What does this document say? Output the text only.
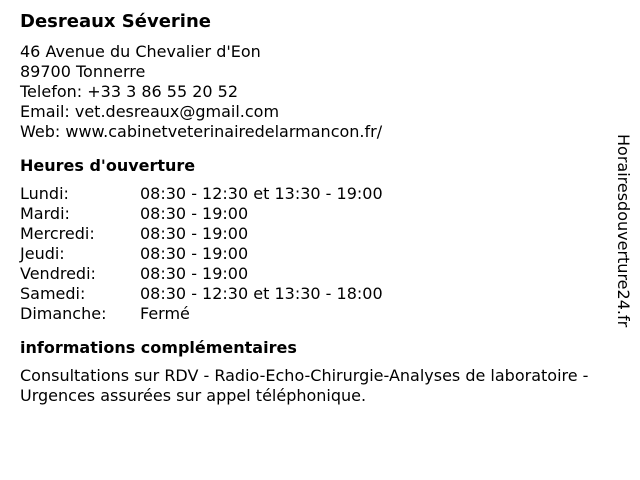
Desreaux Séverine
46 Avenue du Chevalier d'Eon
89700 Tonnerre
Telefon: +33 3 86 55 20 52
Email: vet.desreaux@gmail.com
Web: www.cabinetveterinairedelarmancon.fr/
Heures d'ouverture
Lundi:	08:30 - 12:30 et 13:30 - 19:00
Mardi:	08:30 - 19:00
Mercredi:	08:30 - 19:00
Jeudi:	08:30 - 19:00
Vendredi:	08:30 - 19:00
Samedi:	08:30 - 12:30 et 13:30 - 18:00
Dimanche:	Fermé
informations complémentaires
Consultations sur RDV - Radio-Echo-Chirurgie-Analyses de laboratoire -Urgences assurées sur appel téléphonique.
Horairesdouverture24.fr
